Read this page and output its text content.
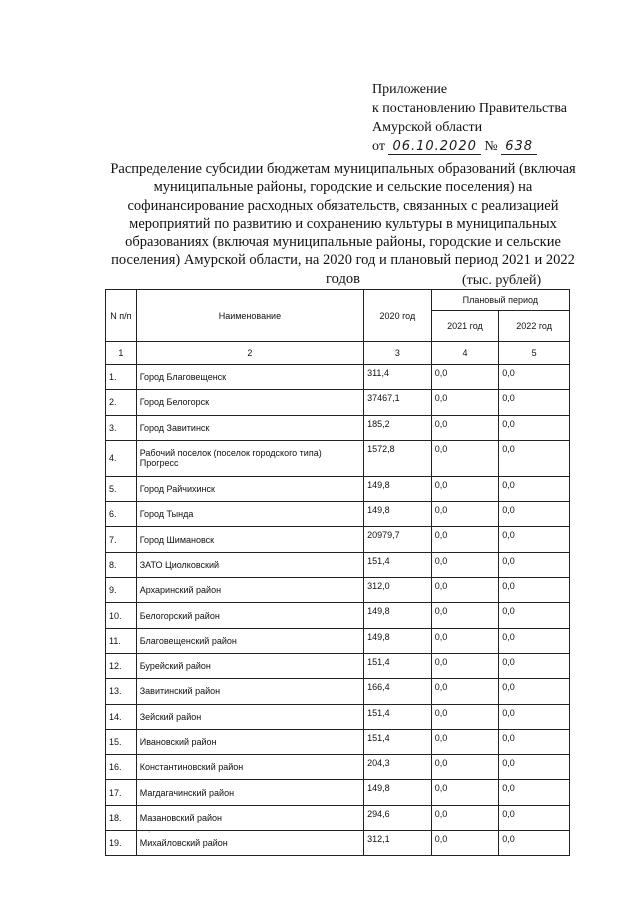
Приложение
к постановлению Правительства
Амурской области
от 06.10.2020 № 638
Распределение субсидии бюджетам муниципальных образований (включая муниципальные районы, городские и сельские поселения) на софинансирование расходных обязательств, связанных с реализацией мероприятий по развитию и сохранению культуры в муниципальных образованиях (включая муниципальные районы, городские и сельские поселения) Амурской области, на 2020 год и плановый период 2021 и 2022 годов	(тыс. рублей)
N п/п	Наименование	2020 год	Плановый период	
			2021 год	2022 год
1	2	3	4	5
1.	Город Благовещенск	311,4	0,0	0,0
2.	Город Белогорск	37467,1	0,0	0,0
3.	Город Завитинск	185,2	0,0	0,0
4.	Рабочий поселок (поселок городского типа) Прогресс	1572,8	0,0	0,0
5.	Город Райчихинск	149,8	0,0	0,0
6.	Город Тында	149,8	0,0	0,0
7.	Город Шимановск	20979,7	0,0	0,0
8.	ЗАТО Циолковский	151,4	0,0	0,0
9.	Архаринский район	312,0	0,0	0,0
10.	Белогорский район	149,8	0,0	0,0
11.	Благовещенский район	149,8	0,0	0,0
12.	Бурейский район	151,4	0,0	0,0
13.	Завитинский район	166,4	0,0	0,0
14.	Зейский район	151,4	0,0	0,0
15.	Ивановский район	151,4	0,0	0,0
16.	Константиновский район	204,3	0,0	0,0
17.	Магдагачинский район	149,8	0,0	0,0
18.	Мазановский район	294,6	0,0	0,0
19.	Михайловский район	312,1	0,0	0,0
·
